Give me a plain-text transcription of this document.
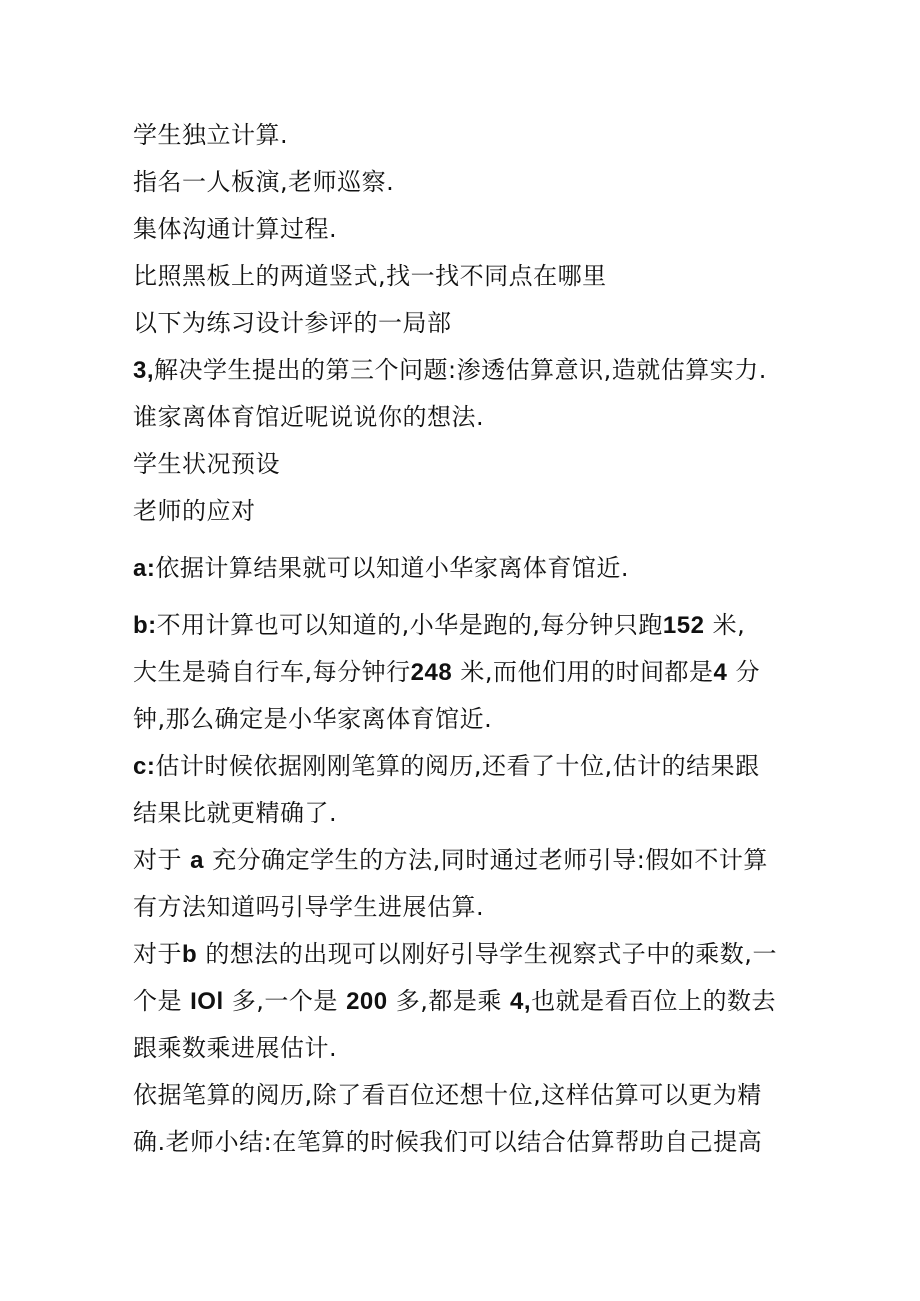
学生独立计算.
指名一人板演,老师巡察.
集体沟通计算过程.
比照黑板上的两道竖式,找一找不同点在哪里
以下为练习设计参评的一局部
3,解决学生提出的第三个问题:渗透估算意识,造就估算实力.
谁家离体育馆近呢说说你的想法.
学生状况预设
老师的应对
a:依据计算结果就可以知道小华家离体育馆近.
b:不用计算也可以知道的,小华是跑的,每分钟只跑152 米,
大生是骑自行车,每分钟行248 米,而他们用的时间都是4 分
钟,那么确定是小华家离体育馆近.
c:估计时候依据刚刚笔算的阅历,还看了十位,估计的结果跟
结果比就更精确了.
对于 a 充分确定学生的方法,同时通过老师引导:假如不计算
有方法知道吗引导学生进展估算.
对于b 的想法的出现可以刚好引导学生视察式子中的乘数,一
个是 IOl 多,一个是 200 多,都是乘 4,也就是看百位上的数去
跟乘数乘进展估计.
依据笔算的阅历,除了看百位还想十位,这样估算可以更为精
确.老师小结:在笔算的时候我们可以结合估算帮助自己提高
